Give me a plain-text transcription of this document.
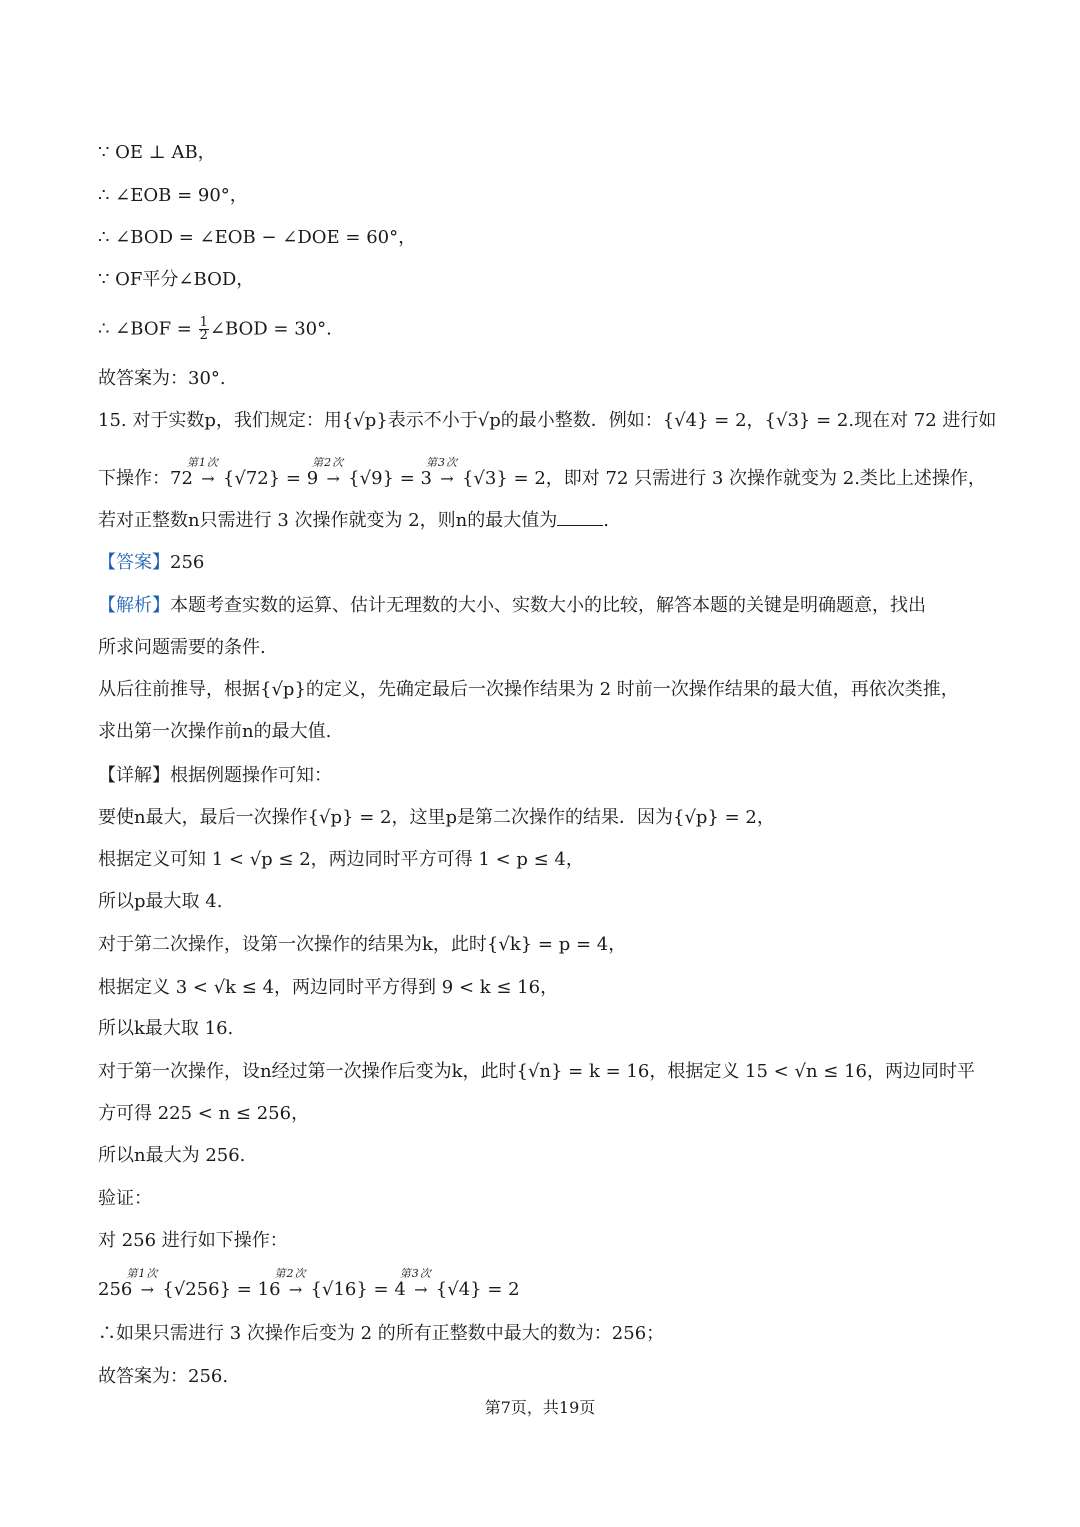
∵ OE ⊥ AB，
∴ ∠EOB = 90°，
∴ ∠BOD = ∠EOB − ∠DOE = 60°，
∵ OF平分∠BOD，
∴ ∠BOF = $\frac{1}{2}$ ∠BOD = 30°.
故答案为：30°.
15. 对于实数p，我们规定：用{√p}表示不小于√p的最小整数．例如：{√4} = 2，{√3} = 2.现在对 72 进行如
下操作：72
第1次
→ {√72} = 9
第2次
→ {√9} = 3
第3次
→ {√3} = 2，即对 72 只需进行 3 次操作就变为 2.类比上述操作，
若对正整数n只需进行 3 次操作就变为 2，则n的最大值为	.
【答案】256
【解析】本题考查实数的运算、估计无理数的大小、实数大小的比较，解答本题的关键是明确题意，找出
所求问题需要的条件.
从后往前推导，根据{√p}的定义，先确定最后一次操作结果为 2 时前一次操作结果的最大值，再依次类推，
求出第一次操作前n的最大值.
【详解】根据例题操作可知：
要使n最大，最后一次操作{√p} = 2，这里p是第二次操作的结果．因为{√p} = 2，
根据定义可知 1 < √p ≤ 2，两边同时平方可得 1 < p ≤ 4，
所以p最大取 4.
对于第二次操作，设第一次操作的结果为k，此时{√k} = p = 4，
根据定义 3 < √k ≤ 4，两边同时平方得到 9 < k ≤ 16，
所以k最大取 16.
对于第一次操作，设n经过第一次操作后变为k，此时{√n} = k = 16，根据定义 15 < √n ≤ 16，两边同时平
方可得 225 < n ≤ 256，
所以n最大为 256.
验证：
对 256 进行如下操作：
256
第1次
→ {√256} = 16
第2次
→ {√16} = 4
第3次
→ {√4} = 2
∴如果只需进行 3 次操作后变为 2 的所有正整数中最大的数为：256；
故答案为：256.
第7页，共19页
